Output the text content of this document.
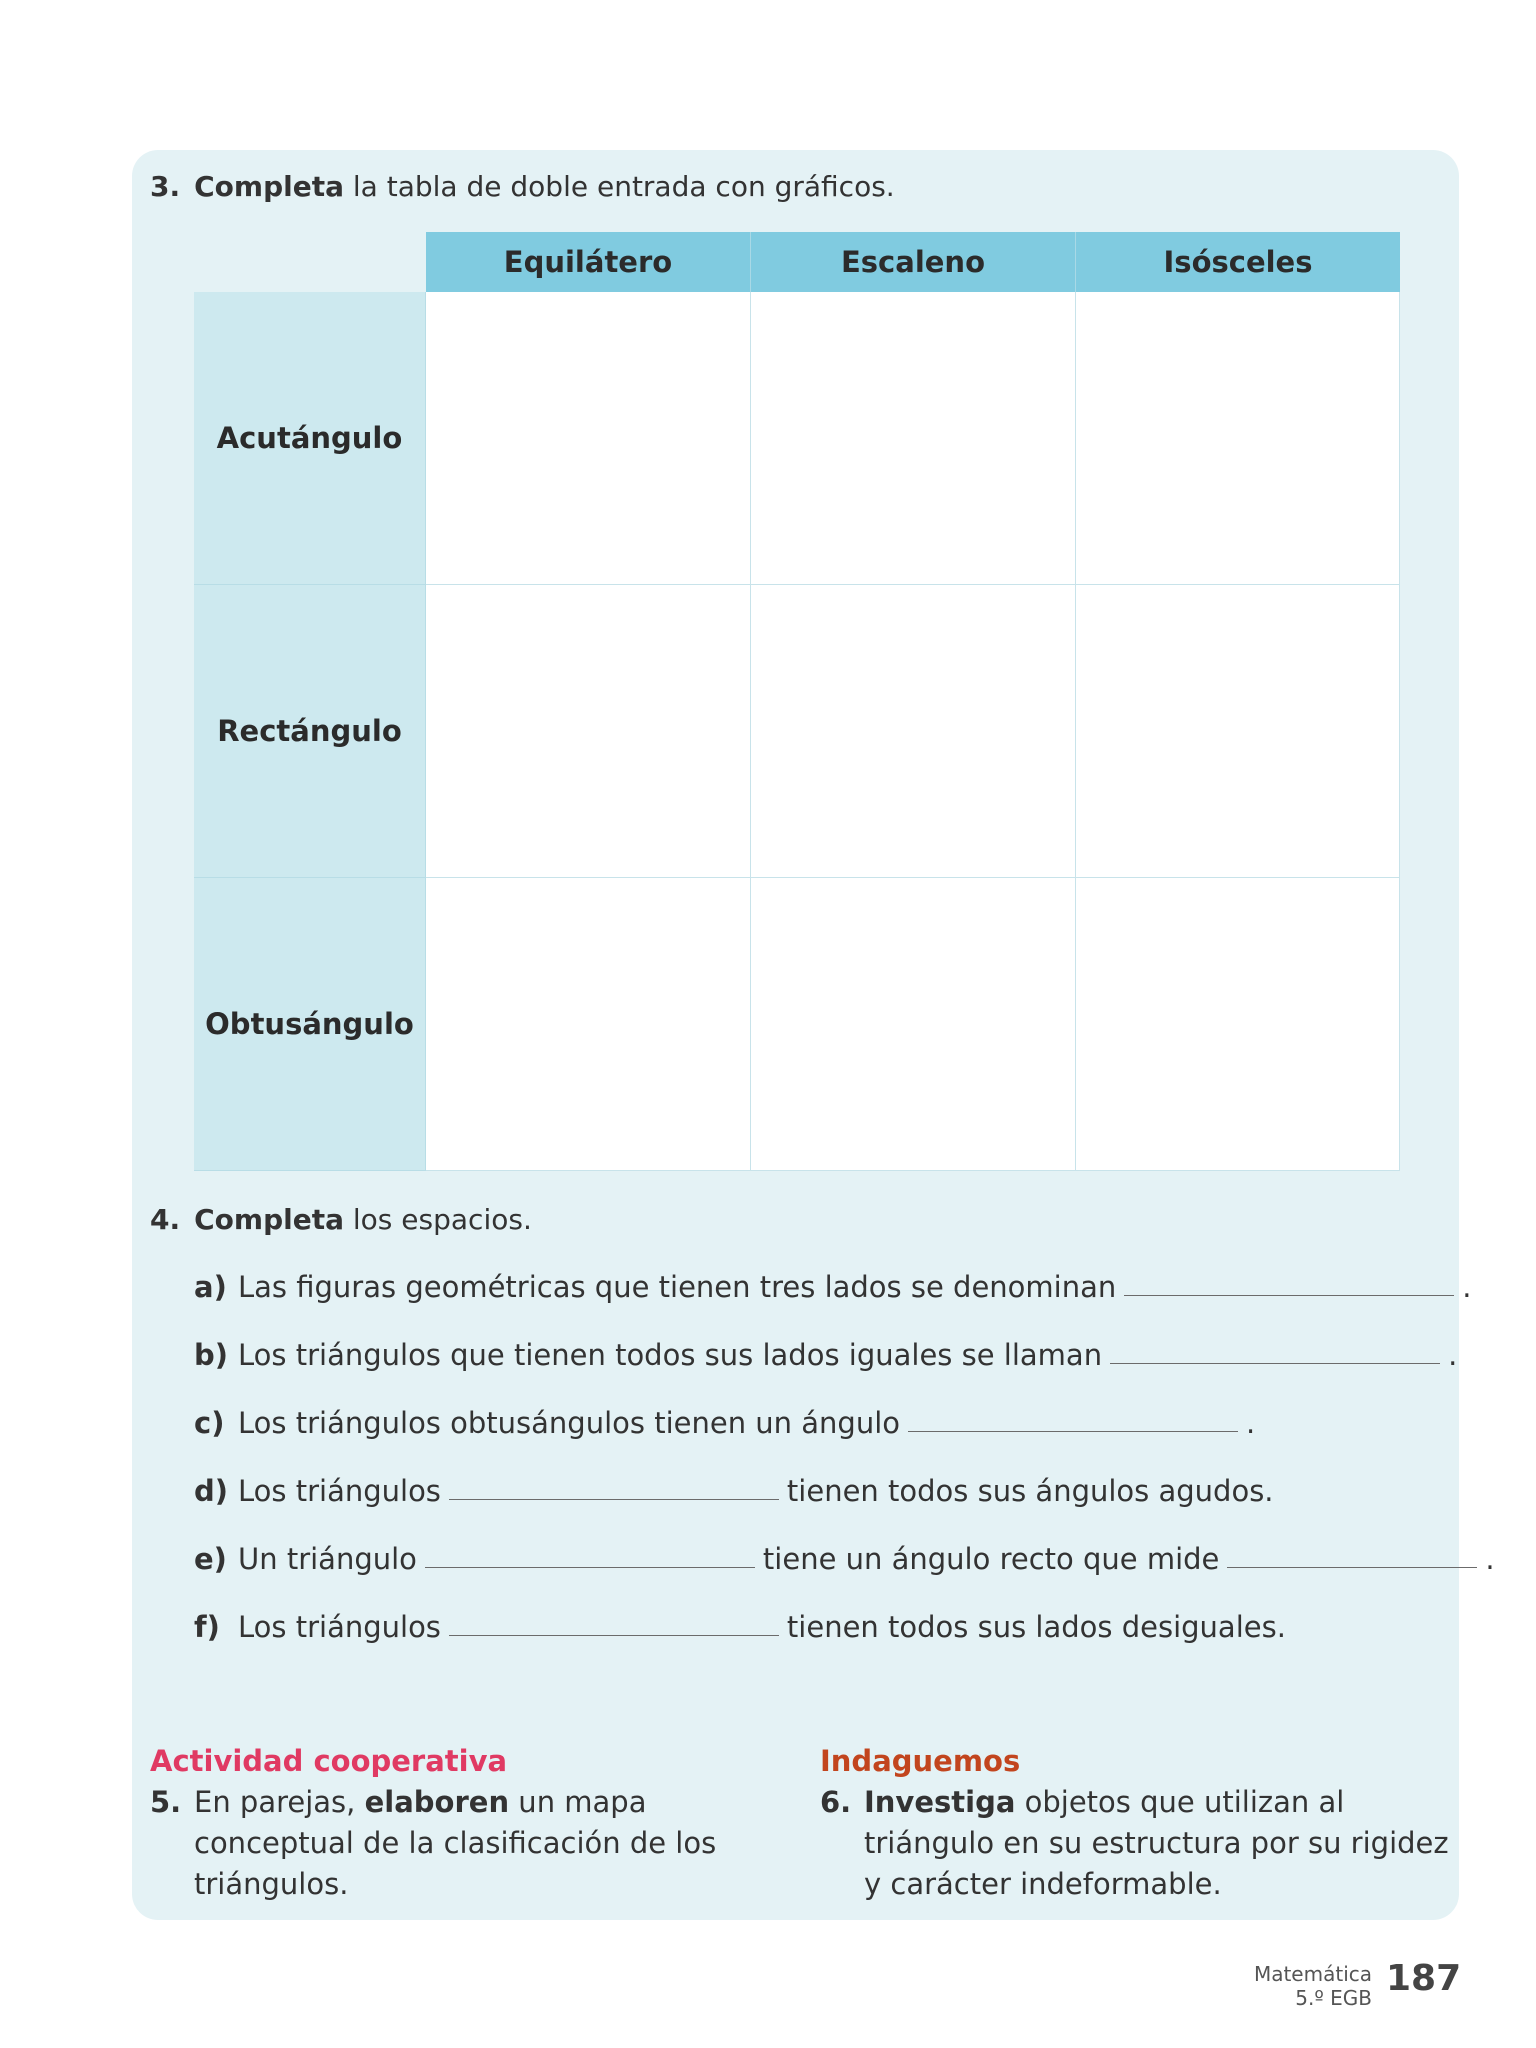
3. Completa la tabla de doble entrada con gráficos.
Equilátero	Escaleno	Isósceles
Acutángulo
Rectángulo
Obtusángulo
4. Completa los espacios.
a) Las figuras geométricas que tienen tres lados se denominan	.
b) Los triángulos que tienen todos sus lados iguales se llaman	.
c) Los triángulos obtusángulos tienen un ángulo	.
d) Los triángulos	tienen todos sus ángulos agudos.
e) Un triángulo	tiene un ángulo recto que mide	.
f) Los triángulos	tienen todos sus lados desiguales.
Actividad cooperativa
5. En parejas, elaboren un mapa conceptual de la clasificación de los triángulos.
Indaguemos
6. Investiga objetos que utilizan al triángulo en su estructura por su rigidez y carácter indeformable.
Matemática
5.º EGB 187
